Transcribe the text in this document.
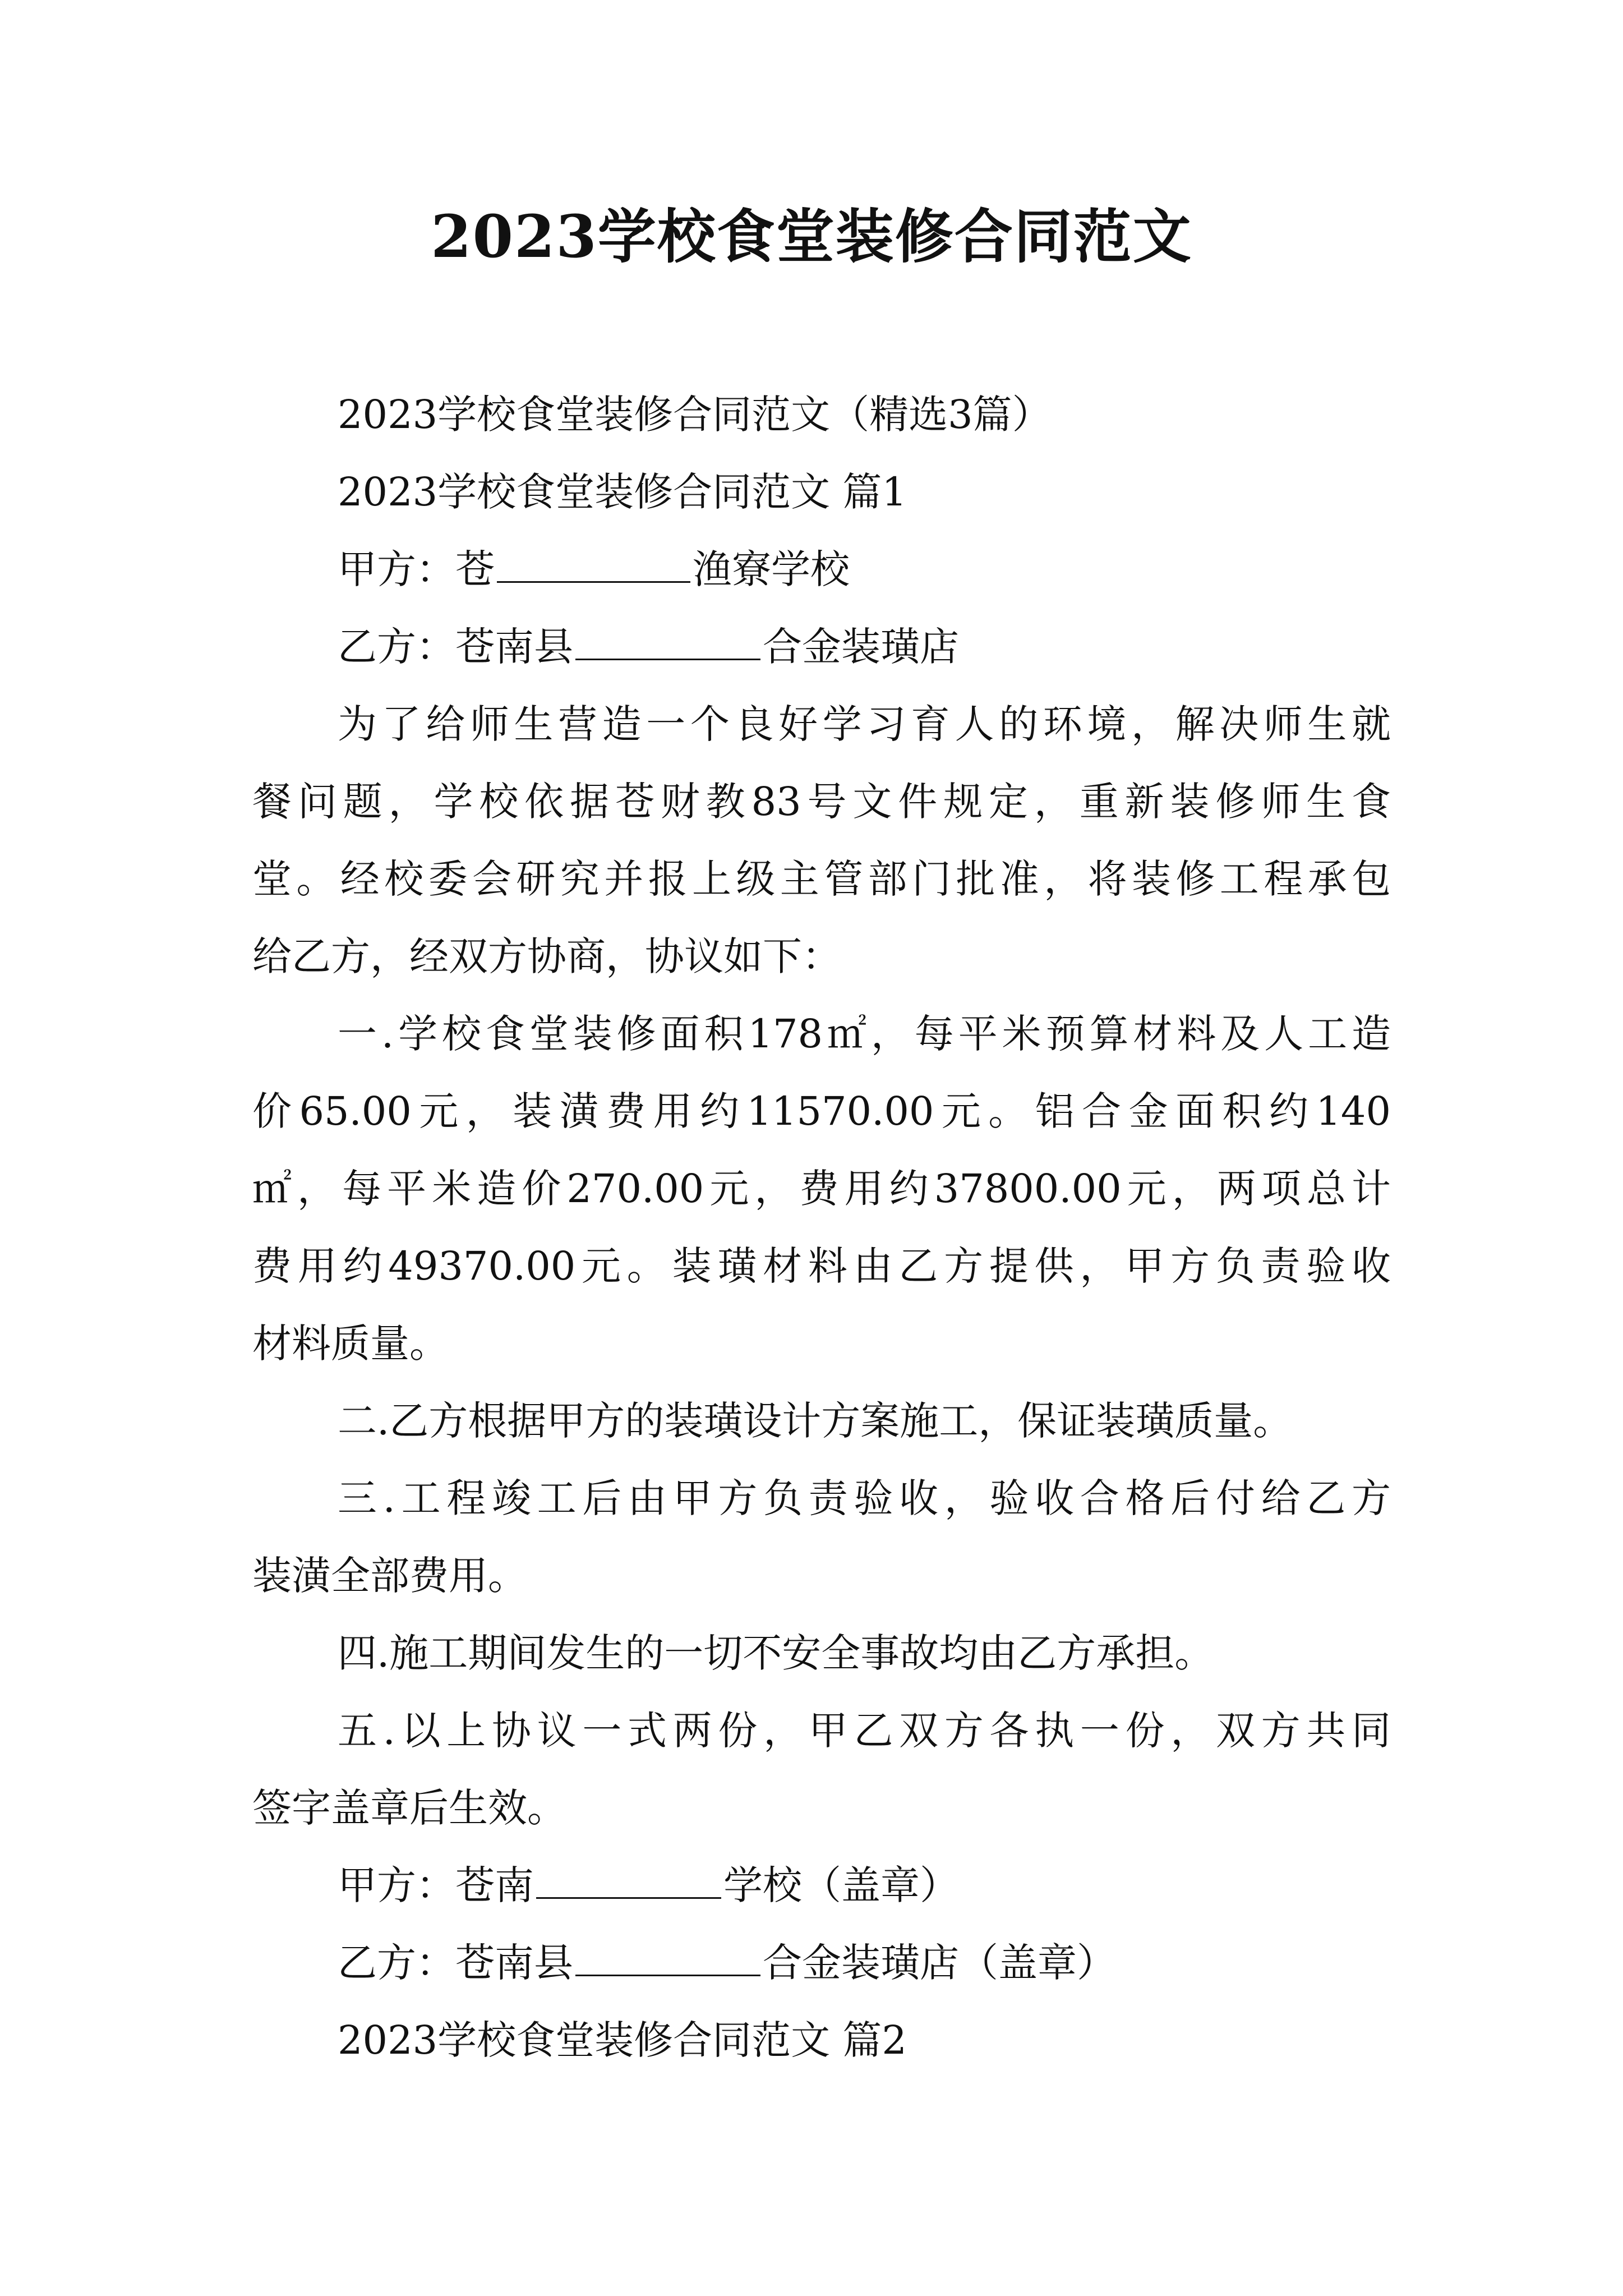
2023学校食堂装修合同范文
2023学校食堂装修合同范文（精选3篇）
2023学校食堂装修合同范文 篇1
甲方：苍	渔寮学校
乙方：苍南县	合金装璜店
为了给师生营造一个良好学习育人的环境，解决师生就
餐问题，学校依据苍财教83号文件规定，重新装修师生食
堂。经校委会研究并报上级主管部门批准，将装修工程承包
给乙方，经双方协商，协议如下：
一.学校食堂装修面积178㎡，每平米预算材料及人工造
价65.00元，装潢费用约11570.00元。铝合金面积约140
㎡，每平米造价270.00元，费用约37800.00元，两项总计
费用约49370.00元。装璜材料由乙方提供，甲方负责验收
材料质量。
二.乙方根据甲方的装璜设计方案施工，保证装璜质量。
三.工程竣工后由甲方负责验收，验收合格后付给乙方
装潢全部费用。
四.施工期间发生的一切不安全事故均由乙方承担。
五.以上协议一式两份，甲乙双方各执一份，双方共同
签字盖章后生效。
甲方：苍南	学校（盖章）
乙方：苍南县	合金装璜店（盖章）
2023学校食堂装修合同范文 篇2
